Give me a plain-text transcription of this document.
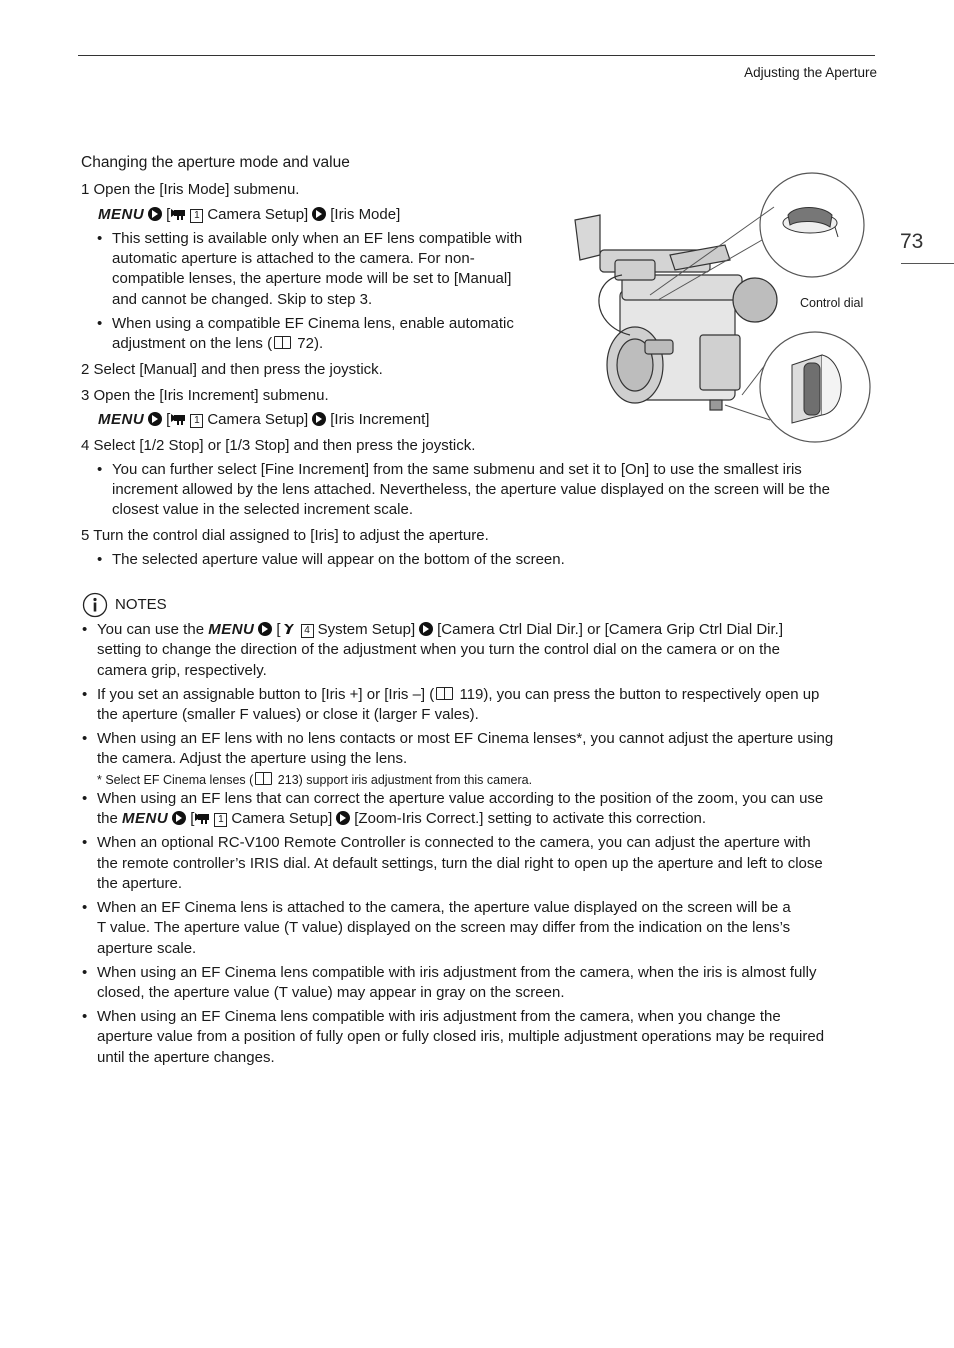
Adjusting the Aperture
73
Changing the aperture mode and value
1 Open the [Iris Mode] submenu.
MENU [ 1 Camera Setup] [Iris Mode]
• This setting is available only when an EF lens compatible with
automatic aperture is attached to the camera. For non-
compatible lenses, the aperture mode will be set to [Manual]
and cannot be changed. Skip to step 3.
• When using a compatible EF Cinema lens, enable automatic
adjustment on the lens ( 72).
2 Select [Manual] and then press the joystick.
3 Open the [Iris Increment] submenu.
MENU [ 1 Camera Setup] [Iris Increment]
4 Select [1/2 Stop] or [1/3 Stop] and then press the joystick.
• You can further select [Fine Increment] from the same submenu and set it to [On] to use the smallest iris
increment allowed by the lens attached. Nevertheless, the aperture value displayed on the screen will be the
closest value in the selected increment scale.
5 Turn the control dial assigned to [Iris] to adjust the aperture.
• The selected aperture value will appear on the bottom of the screen.
Control dial
NOTES
• You can use the MENU [ 4 System Setup] [Camera Ctrl Dial Dir.] or [Camera Grip Ctrl Dial Dir.]
setting to change the direction of the adjustment when you turn the control dial on the camera or on the
camera grip, respectively.
• If you set an assignable button to [Iris +] or [Iris –] ( 119), you can press the button to respectively open up
the aperture (smaller F values) or close it (larger F vales).
• When using an EF lens with no lens contacts or most EF Cinema lenses*, you cannot adjust the aperture using
the camera. Adjust the aperture using the lens.
* Select EF Cinema lenses ( 213) support iris adjustment from this camera.
• When using an EF lens that can correct the aperture value according to the position of the zoom, you can use
the MENU [ 1 Camera Setup] [Zoom-Iris Correct.] setting to activate this correction.
• When an optional RC-V100 Remote Controller is connected to the camera, you can adjust the aperture with
the remote controller’s IRIS dial. At default settings, turn the dial right to open up the aperture and left to close
the aperture.
• When an EF Cinema lens is attached to the camera, the aperture value displayed on the screen will be a
T value. The aperture value (T value) displayed on the screen may differ from the indication on the lens’s
aperture scale.
• When using an EF Cinema lens compatible with iris adjustment from the camera, when the iris is almost fully
closed, the aperture value (T value) may appear in gray on the screen.
• When using an EF Cinema lens compatible with iris adjustment from the camera, when you change the
aperture value from a position of fully open or fully closed iris, multiple adjustment operations may be required
until the aperture changes.
